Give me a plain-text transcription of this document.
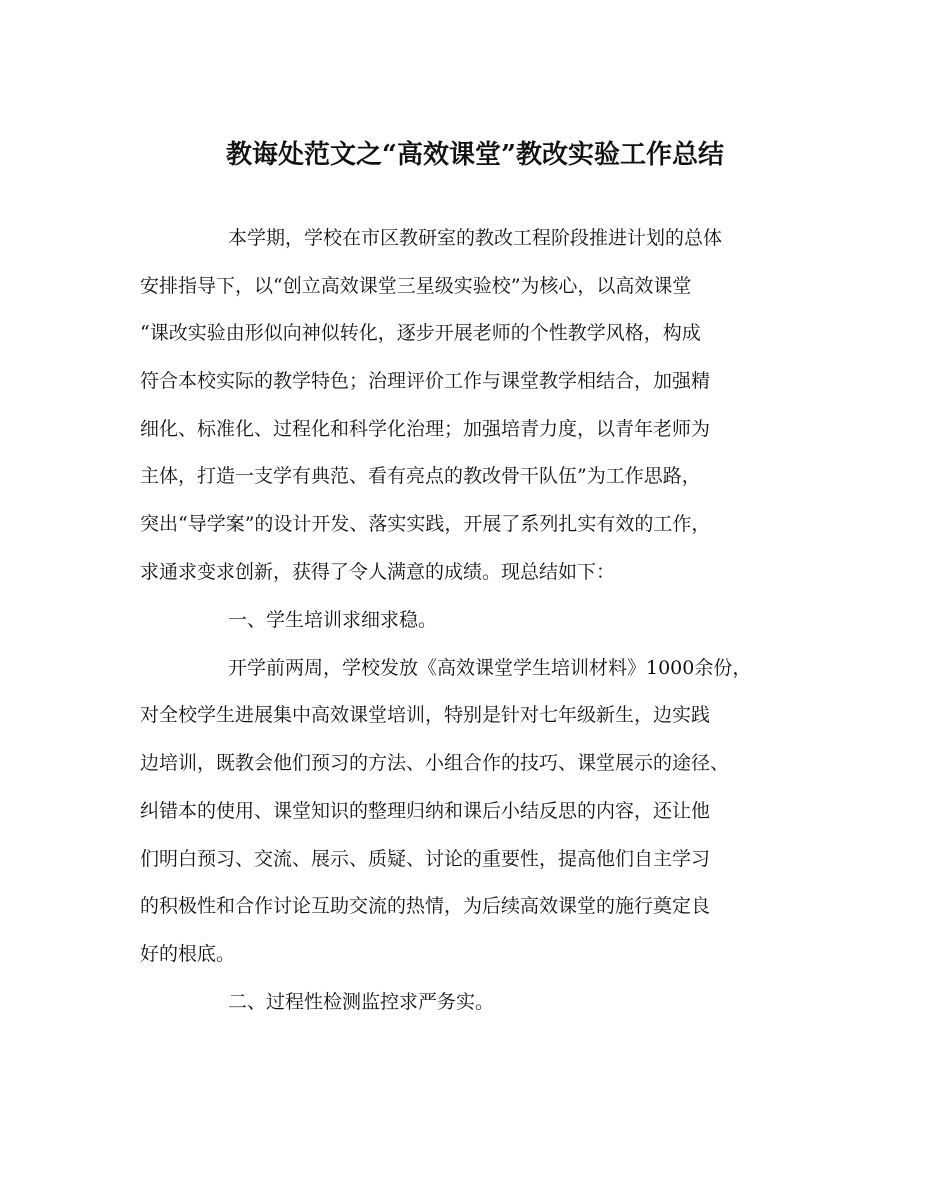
教诲处范文之“高效课堂”教改实验工作总结
本学期，学校在市区教研室的教改工程阶段推进计划的总体
安排指导下，以“创立高效课堂三星级实验校”为核心，以高效课堂
“课改实验由形似向神似转化，逐步开展老师的个性教学风格，构成
符合本校实际的教学特色；治理评价工作与课堂教学相结合，加强精
细化、标准化、过程化和科学化治理；加强培青力度，以青年老师为
主体，打造一支学有典范、看有亮点的教改骨干队伍”为工作思路，
突出“导学案”的设计开发、落实实践，开展了系列扎实有效的工作，
求通求变求创新，获得了令人满意的成绩。现总结如下：
一、学生培训求细求稳。
开学前两周，学校发放《高效课堂学生培训材料》1000余份，
对全校学生进展集中高效课堂培训，特别是针对七年级新生，边实践
边培训，既教会他们预习的方法、小组合作的技巧、课堂展示的途径、
纠错本的使用、课堂知识的整理归纳和课后小结反思的内容，还让他
们明白预习、交流、展示、质疑、讨论的重要性，提高他们自主学习
的积极性和合作讨论互助交流的热情，为后续高效课堂的施行奠定良
好的根底。
二、过程性检测监控求严务实。
